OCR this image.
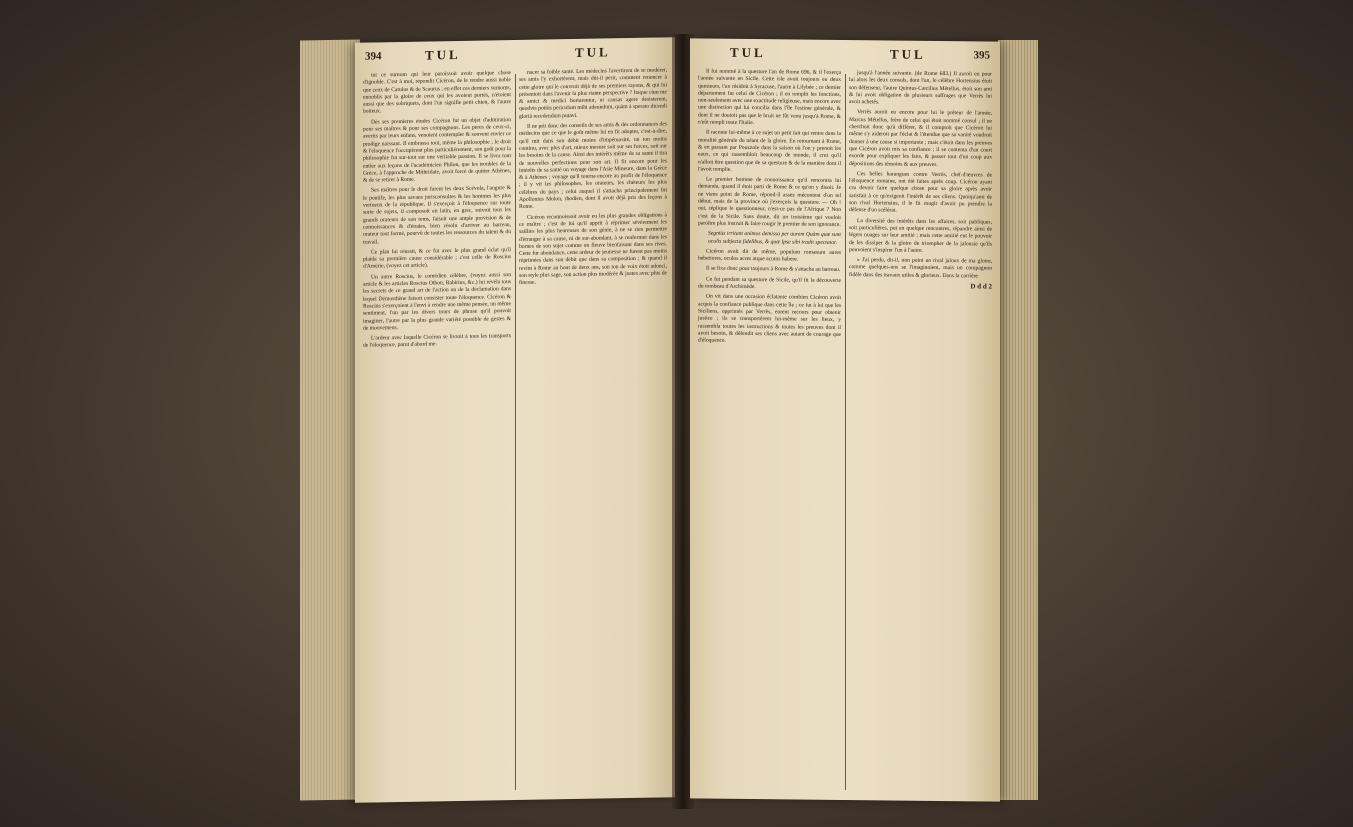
394	TUL	TUL

tut ce surnom qui leur paroissoit avoir quelque chose d'ignoble. C'est à moi, répondit Cicéron, de le rendre aussi noble que ceux de Catulus & de Scaurus ; en effet ces derniers surnoms, ennoblis par la gloire de ceux qui les avoient portés, n'étoient aussi que des sobriquets, dont l'un signifie petit chien, & l'autre boiteux.

Dès ses premieres études Cicéron fut un objet d'admiration pour ses maîtres & pour ses compagnons. Les peres de ceux-ci, avertis par leurs enfans, venoient contempler & souvent envier ce prodige naissant. Il embrassa tout, même la philosophie ; le droit & l'éloquence l'occupèrent plus particuliérement, son goût pour la philosophie fut sur-tout sur une véritable passion. Il se livra tout entier aux leçons de l'académicien Philon, que les troubles de la Grèce, à l'approche de Mithridate, avoit forcé de quitter Athènes, & de se retirer à Rome.

Ses maîtres pour le droit furent les deux Scévola, l'augure & le pontife, les plus savans jurisconsultes & les hommes les plus vertueux de la république. Il s'exerçoit à l'éloquence sur toute sorte de sujets, il composoit en latin, en grec, suivoit tous les grands orateurs de son tems, faisoit une ample provision & de connoissances & d'études, bien résolu d'arriver au barreau, orateur tout formé, pourvû de toutes les ressources du talent & du travail.

Ce plan lui réussit, & ce fut avec le plus grand éclat qu'il plaida sa première cause considérable ; c'est celle de Roscius d'Amérie, (voyez cet article).

Un autre Roscius, le comédien célèbre, (voyez aussi son article & les articles Roscius Othon, Rabirius, &c.) lui révéla tous les secrets de ce grand art de l'action ou de la déclamation dans lequel Démosthène faisoit consister toute l'éloquence. Cicéron & Roscius s'exerçoient à l'envi à rendre une même pensée, un même sentiment, l'un par les divers tours de phrase qu'il pouvoit imaginer, l'autre par la plus grande variété possible de gestes & de mouvemens.

L'ardeur avec laquelle Cicéron se livroit à tous les transports de l'éloquence, parut d'abord me-

nacer sa foible santé. Les médecins l'avertirent de se modérer, ses amis l'y exhortèrent, mais dût-il périr, comment renoncer à cette gloire qui le couvroit déjà de ses premiers rayons, & qui lui présentoit dans l'avenir la plus riante perspective ? Itaque cùm me & amici & medici hortarentur, ut causas agere desisterem, quodvis potiùs periculum mihi adeundum, quàm à sperato dicendi gloriâ recedendum putavi.

Il ne prit donc des conseils de ses amis & des ordonnances des médecins que ce que le goût même lui en fit adopter, c'est-à-dire, qu'il mit dans son débit moins d'impétuosité, un ton moins continu, avec plus d'art, mieux mesuré soit sur ses forces, soit sur les besoins de la cause. Ainsi des intérêts même de sa santé il tira de nouvelles perfections pour son art. Il fit encore pour les intérêts de sa santé un voyage dans l'Asie Mineure, dans la Grèce & à Athènes ; voyage qu'il tourna encore au profit de l'éloquence ; il y vit les philosophes, les orateurs, les rhéteurs les plus célèbres du pays ; celui auquel il s'attacha principalement fut Apollonius Molon, rhodien, dont il avoit déjà pris des leçons à Rome.

Cicéron reconnoissoit avoir eu les plus grandes obligations à ce maître ; c'est de lui qu'il apprit à réprimer sévèrement les saillies les plus heureuses de son génie, à ne se rien permettre d'étranger à sa cause, ni de sur-abondant, à se renfermer dans les bornes de son sujet comme un fleuve bienfaisant dans ses rives. Cette fur abondance, cette ardeur de jeunesse ne furent pas moins réprimées dans son débit que dans sa composition ; & quand il revint à Rome au bout de deux ans, son ton de voix étoit adouci, son style plus sage, son action plus modérée & justes avec plus de finesse.

TUL	TUL	395

Il fut nommé à la questure l'an de Rome 696, & il l'exerça l'année suivante en Sicile. Cette isle avoit toujours eu deux questeurs, l'un résidoit à Syracuse, l'autre à Lilybée ; ce dernier département fut celui de Cicéron ; il en remplit les fonctions, non-seulement avec une exactitude religieuse, mais encore avec une distinction qui lui concilia dans l'île l'estime générale, & dont il ne doutoit pas que le bruit ne fût venu jusqu'à Rome, & n'eût rempli toute l'Italie.

Il raconte lui-même à ce sujet un petit fait qui rentre dans la moralité générale du néant de la gloire. En retournant à Rome, & en passant par Pouzzole dans la saison où l'on y prenoit les eaux, ce qui rassembloit beaucoup de monde, il crut qu'il n'alloit être question que de sa questure & de la manière dont il l'avoit remplie.

Le premier homme de connoissance qu'il rencontra lui demanda, quand il étoit parti de Rome & ce qu'on y disoit. Je ne viens point de Rome, répond-il assez mécontent d'un tel début, mais de la province où j'exerçois la questure. — Oh ! oui, réplique le questionneur, n'est-ce pas de l'Afrique ? Non c'est de la Sicile. Sans doute, dit un troisième qui vouloit paroître plus instruit & faire rougir le premier de son ignorance.

Segniùs irritant animos demissa per aurem Quàm quæ sunt oculis subjecta fidelibus, & quæ Ipse sibi tradit spectator.

Cicéron avoit dit de même, populum romanum aures hebetiores, oculos acres atque acutos habere.

Il se fixa donc pour toujours à Rome & s'attacha au barreau.

Ce fut pendant sa questure de Sicile, qu'il fit la découverte du tombeau d'Archimède.

On vit dans une occasion éclatante combien Cicéron avoit acquis la confiance publique dans cette île ; ce fut à lui que les Siciliens, opprimés par Verrès, eurent recours pour obtenir justice ; ils se transportèrent lui-même sur les lieux, y rassembla toutes les instructions & toutes les preuves dont il avoit besoin, & défendit ses cliens avec autant de courage que d'éloquence.

jusqu'à l'année suivante. (de Rome 683.) Il auroit eu pour lui alors les deux consuls, dont l'un, le célèbre Hortensius étoit son défenseur, l'autre Quintus-Cæcilius Métellus, étoit son ami & lui avoit obligation de plusieurs suffrages que Verrès lui avoit achetés.

Verrès auroit eu encore pour lui le préteur de l'année, Marcus Métellus, frère de celui qui étoit nommé consul ; il ne cherchoit donc qu'à différer, & il comptoit que Cicéron lui même s'y aideroit par l'éclat & l'étendue que sa vanité voudroit donner à une cause si importante ; mais c'étoit dans les preuves que Cicéron avoit mis sa confiance ; il se contenta d'un court exorde pour expliquer les faits, & passer tout d'un coup aux dépositions des témoins & aux preuves.

Ces belles harangues contre Verrès, chef-d'œuvres de l'éloquence romaine, ont été faites après coup. Cicéron ayant cru devoir faire quelque chose pour sa gloire après avoir satisfait à ce qu'exigeoit l'intérêt de ses cliens. Quoiqu'ami de son rival Hortensius, il le fit rougir d'avoir pu prendre la défense d'un scélérat.

La diversité des intérêts dans les affaires, soit publiques, soit particulières, put en quelque rencontres, répandre ainsi de légers nuages sur leur amitié ; mais cette amitié eut le pouvoir de les dissiper & la gloire de triompher de la jalousie qu'ils pouvoient s'inspirer l'un à l'autre.

» J'ai perdu, dit-il, non point un rival jaloux de ma gloire, comme quelques-uns se l'imaginoient, mais un compagnon fidèle dans des travaux utiles & glorieux. Dans la carrière

D d d 2
